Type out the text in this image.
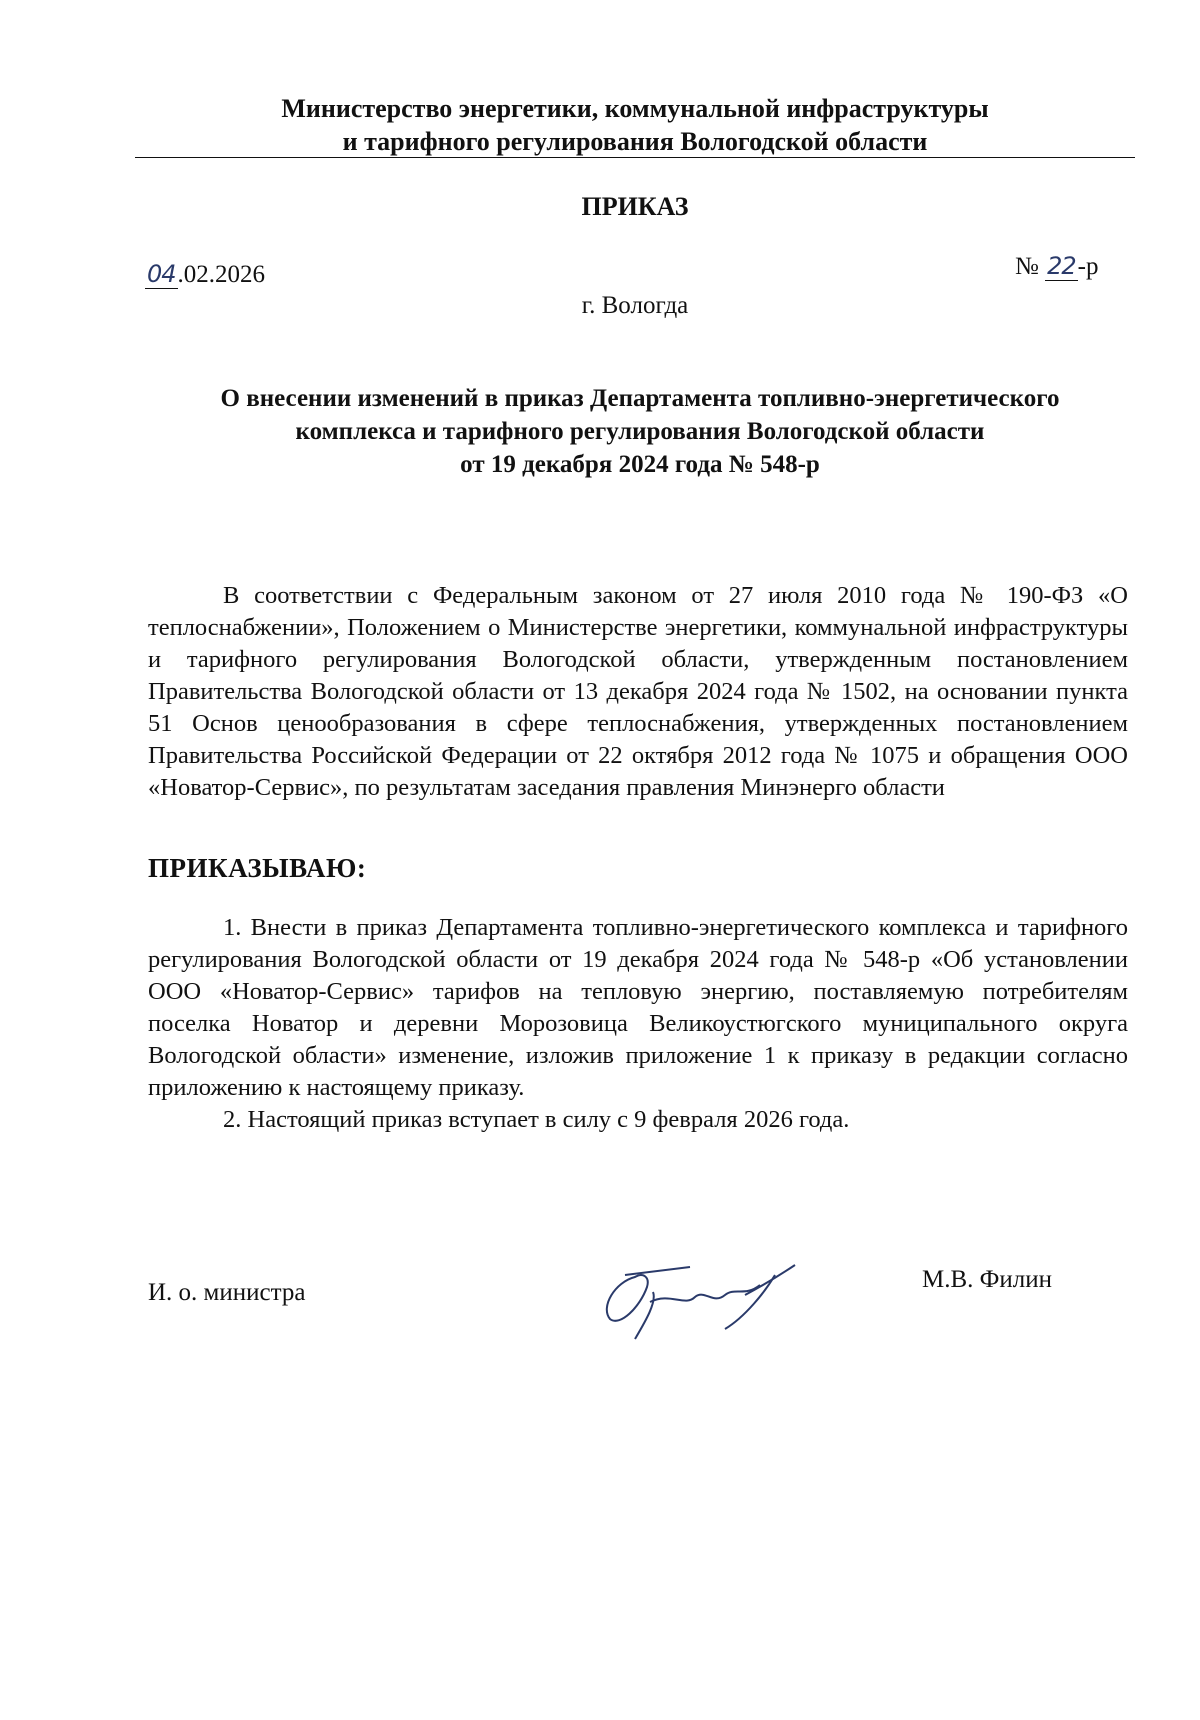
Министерство энергетики, коммунальной инфраструктуры
и тарифного регулирования Вологодской области
ПРИКАЗ
04.02.2026	№ 22-р
г. Вологда
О внесении изменений в приказ Департамента топливно-энергетического
комплекса и тарифного регулирования Вологодской области
от 19 декабря 2024 года № 548-р

В соответствии с Федеральным законом от 27 июля 2010 года № 190-ФЗ «О теплоснабжении», Положением о Министерстве энергетики, коммунальной инфраструктуры и тарифного регулирования Вологодской области, утвержденным постановлением Правительства Вологодской области от 13 декабря 2024 года № 1502, на основании пункта 51 Основ ценообразования в сфере теплоснабжения, утвержденных постановлением Правительства Российской Федерации от 22 октября 2012 года № 1075 и обращения ООО «Новатор-Сервис», по результатам заседания правления Минэнерго области

ПРИКАЗЫВАЮ:

1. Внести в приказ Департамента топливно-энергетического комплекса и тарифного регулирования Вологодской области от 19 декабря 2024 года № 548-р «Об установлении ООО «Новатор-Сервис» тарифов на тепловую энергию, поставляемую потребителям поселка Новатор и деревни Морозовица Великоустюгского муниципального округа Вологодской области» изменение, изложив приложение 1 к приказу в редакции согласно приложению к настоящему приказу.

2. Настоящий приказ вступает в силу с 9 февраля 2026 года.

И. о. министра	М.В. Филин
